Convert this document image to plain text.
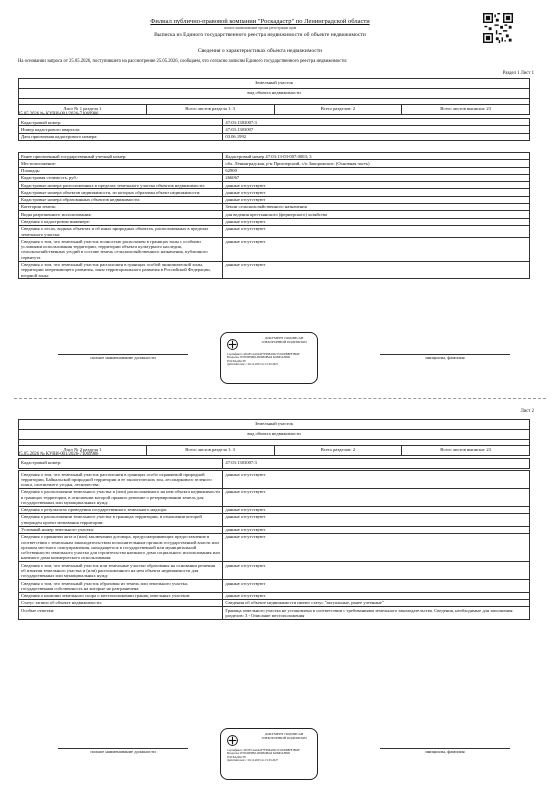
Филиал публично-правовой компании "Роскадастр" по Ленинградской области
полное наименование органа регистрации прав
Выписка из Единого государственного реестра недвижимости об объекте недвижимости
Сведения о характеристиках объекта недвижимости
На основании запроса от 25.05.2026, поступившего на рассмотрение 25.05.2026, сообщаем, что согласно записям Единого государственного реестра недвижимости:
Раздел 1 Лист 1
Земельный участок
вид объекта недвижимости

Лист № 1 раздела 1	Всего листов раздела 1: 3	Всего разделов: 2	Всего листов выписки: 23
25.05.2026 № КУВИ-001/2026-71069986
Кадастровый номер:	47:03:1303007:3
Номер кадастрового квартала:	47:03:1303007
Дата присвоения кадастрового номера:	03.06.1992
Ранее присвоенный государственный учетный номер:	Кадастровый номер 47:03:13-03-007:0003; 3
Местоположение:	обл. Ленинградская, р-н Приозерский, с/п Запорожское, (Основная часть)
Площадь:	62900
Кадастровая стоимость, руб.:	266067
Кадастровые номера расположенных в пределах земельного участка объектов недвижимости:	данные отсутствуют
Кадастровые номера объектов недвижимости, из которых образован объект недвижимости:	данные отсутствуют
Кадастровые номера образованных объектов недвижимости:	данные отсутствуют
Категория земель:	Земли сельскохозяйственного назначения
Виды разрешенного использования:	для ведения крестьянского (фермерского) хозяйства
Сведения о кадастровом инженере:	данные отсутствуют
Сведения о лесах, водных объектах и об иных природных объектах, расположенных в пределах земельного участка:	данные отсутствуют
Сведения о том, что земельный участок полностью расположен в границах зоны с особыми условиями использования территории, территории объекта культурного наследия, сельскохозяйственных угодий в составе земель сельскохозяйственного назначения, публичного сервитута	данные отсутствуют
Сведения о том, что земельный участок расположен в границах особой экономической зоны, территории опережающего развития, зоны территориального развития в Российской Федерации, игорной зоны:	данные отсутствуют
полное наименование должности	инициалы, фамилия
ДОКУМЕНТ ПОДПИСАН
ЭЛЕКТРОННОЙ ПОДПИСЬЮ
Сертификат: 4391FС4А0A4F7F098A0921531D0B8PF3864F
Владелец: ПУБЛИЧНО-ПРАВОВАЯ КОМПАНИЯ
РОСКАДАСТР
Действителен: с 20.12.2025 по 15.03.2027
Лист 2
Земельный участок
вид объекта недвижимости

Лист № 2 раздела 1	Всего листов раздела 1: 3	Всего разделов: 2	Всего листов выписки: 23
25.05.2026 № КУВИ-001/2026-71069986
Кадастровый номер:	47:03:1303007:3
Сведения о том, что земельный участок расположен в границах особо охраняемой природной территории, Байкальской природной территории и ее экологических зон, лесопаркового зеленого пояса, охотничьего угодья, лесничества:	данные отсутствуют
Сведения о расположении земельного участка в (или) расположенного на нем объекта недвижимости в границах территории, в отношении которой принято решение о резервировании земель для государственных или муниципальных нужд:	данные отсутствуют
Сведения о результатах проведения государственного земельного надзора:	данные отсутствуют
Сведения о расположении земельного участка в границах территории, в отношении которой утвержден проект межевания территории:	данные отсутствуют
Условный номер земельного участка:	данные отсутствуют
Сведения о принятии акта и (или) заключении договора, предусматривающих предоставление в соответствии с земельным законодательством исполнительным органом государственной власти или органом местного самоуправления, находящегося в государственной или муниципальной собственности земельного участка для строительства наемного дома социального использования или наемного дома коммерческого использования:	данные отсутствуют
Сведения о том, что земельный участок или земельные участки образованы на основании решения об изъятии земельного участка и (или) расположенного на нем объекта недвижимости для государственных или муниципальных нужд:	данные отсутствуют
Сведения о том, что земельный участок образован из земель или земельного участка, государственная собственность на которые не разграничена:	данные отсутствуют
Сведения о наличии земельного спора о местоположении границ земельных участков:	данные отсутствуют
Статус записи об объекте недвижимости:	Сведения об объекте недвижимости имеют статус "актуальные, ранее учтенные"
Особые отметки:	Граница земельного участка не установлена в соответствии с требованиями земельного законодательства. Сведения, необходимые для заполнения разделов: 3 - Описание местоположения
полное наименование должности	инициалы, фамилия
ДОКУМЕНТ ПОДПИСАН
ЭЛЕКТРОННОЙ ПОДПИСЬЮ
Сертификат: 4391FС4А0A4F7F098A0921531D0B8PF3864F
Владелец: ПУБЛИЧНО-ПРАВОВАЯ КОМПАНИЯ
РОСКАДАСТР
Действителен: с 20.12.2025 по 15.03.2027
